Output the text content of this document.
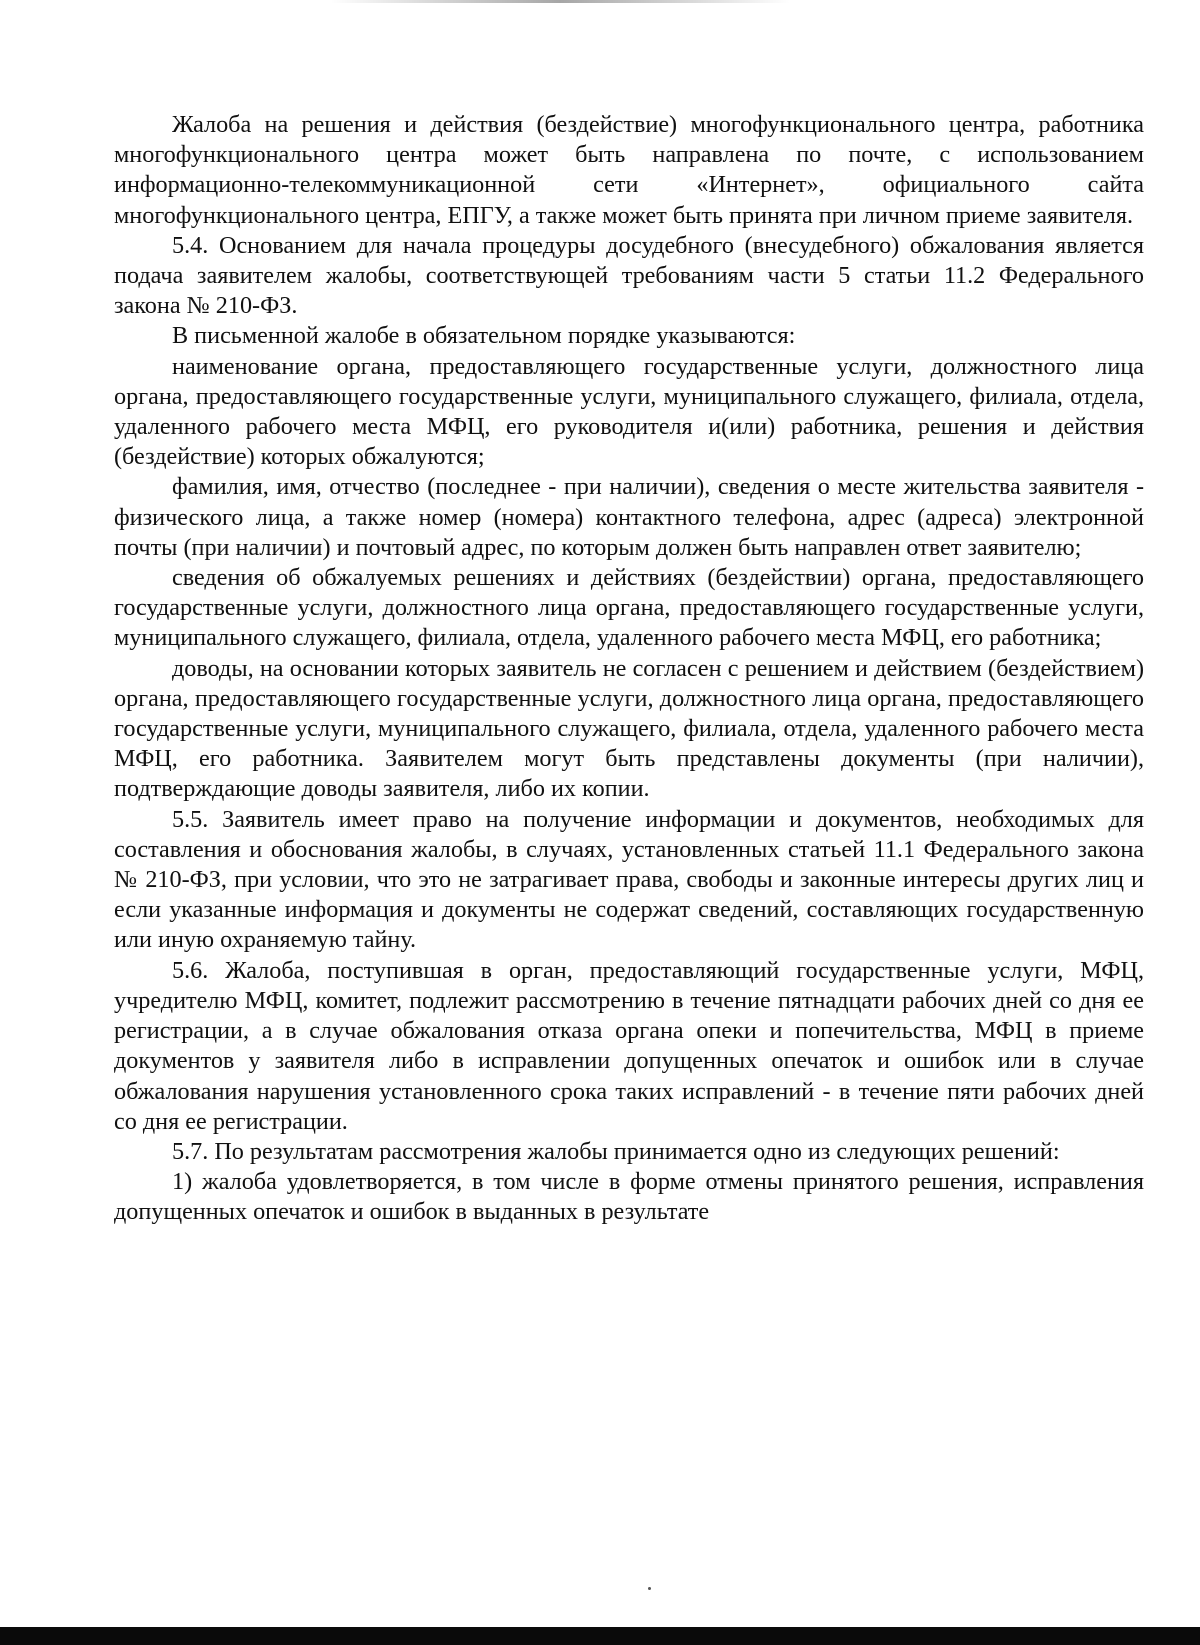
Жалоба на решения и действия (бездействие) многофункционального центра, работника многофункционального центра может быть направлена по почте, с использованием информационно-телекоммуникационной сети «Интернет», официального сайта многофункционального центра, ЕПГУ, а также может быть принята при личном приеме заявителя.

5.4. Основанием для начала процедуры досудебного (внесудебного) обжалования является подача заявителем жалобы, соответствующей требованиям части 5 статьи 11.2 Федерального закона № 210-ФЗ.

В письменной жалобе в обязательном порядке указываются:

наименование органа, предоставляющего государственные услуги, должностного лица органа, предоставляющего государственные услуги, муниципального служащего, филиала, отдела, удаленного рабочего места МФЦ, его руководителя и(или) работника, решения и действия (бездействие) которых обжалуются;

фамилия, имя, отчество (последнее - при наличии), сведения о месте жительства заявителя - физического лица, а также номер (номера) контактного телефона, адрес (адреса) электронной почты (при наличии) и почтовый адрес, по которым должен быть направлен ответ заявителю;

сведения об обжалуемых решениях и действиях (бездействии) органа, предоставляющего государственные услуги, должностного лица органа, предоставляющего государственные услуги, муниципального служащего, филиала, отдела, удаленного рабочего места МФЦ, его работника;

доводы, на основании которых заявитель не согласен с решением и действием (бездействием) органа, предоставляющего государственные услуги, должностного лица органа, предоставляющего государственные услуги, муниципального служащего, филиала, отдела, удаленного рабочего места МФЦ, его работника. Заявителем могут быть представлены документы (при наличии), подтверждающие доводы заявителя, либо их копии.

5.5. Заявитель имеет право на получение информации и документов, необходимых для составления и обоснования жалобы, в случаях, установленных статьей 11.1 Федерального закона № 210-ФЗ, при условии, что это не затрагивает права, свободы и законные интересы других лиц и если указанные информация и документы не содержат сведений, составляющих государственную или иную охраняемую тайну.

5.6. Жалоба, поступившая в орган, предоставляющий государственные услуги, МФЦ, учредителю МФЦ, комитет, подлежит рассмотрению в течение пятнадцати рабочих дней со дня ее регистрации, а в случае обжалования отказа органа опеки и попечительства, МФЦ в приеме документов у заявителя либо в исправлении допущенных опечаток и ошибок или в случае обжалования нарушения установленного срока таких исправлений - в течение пяти рабочих дней со дня ее регистрации.

5.7. По результатам рассмотрения жалобы принимается одно из следующих решений:

1) жалоба удовлетворяется, в том числе в форме отмены принятого решения, исправления допущенных опечаток и ошибок в выданных в результате
